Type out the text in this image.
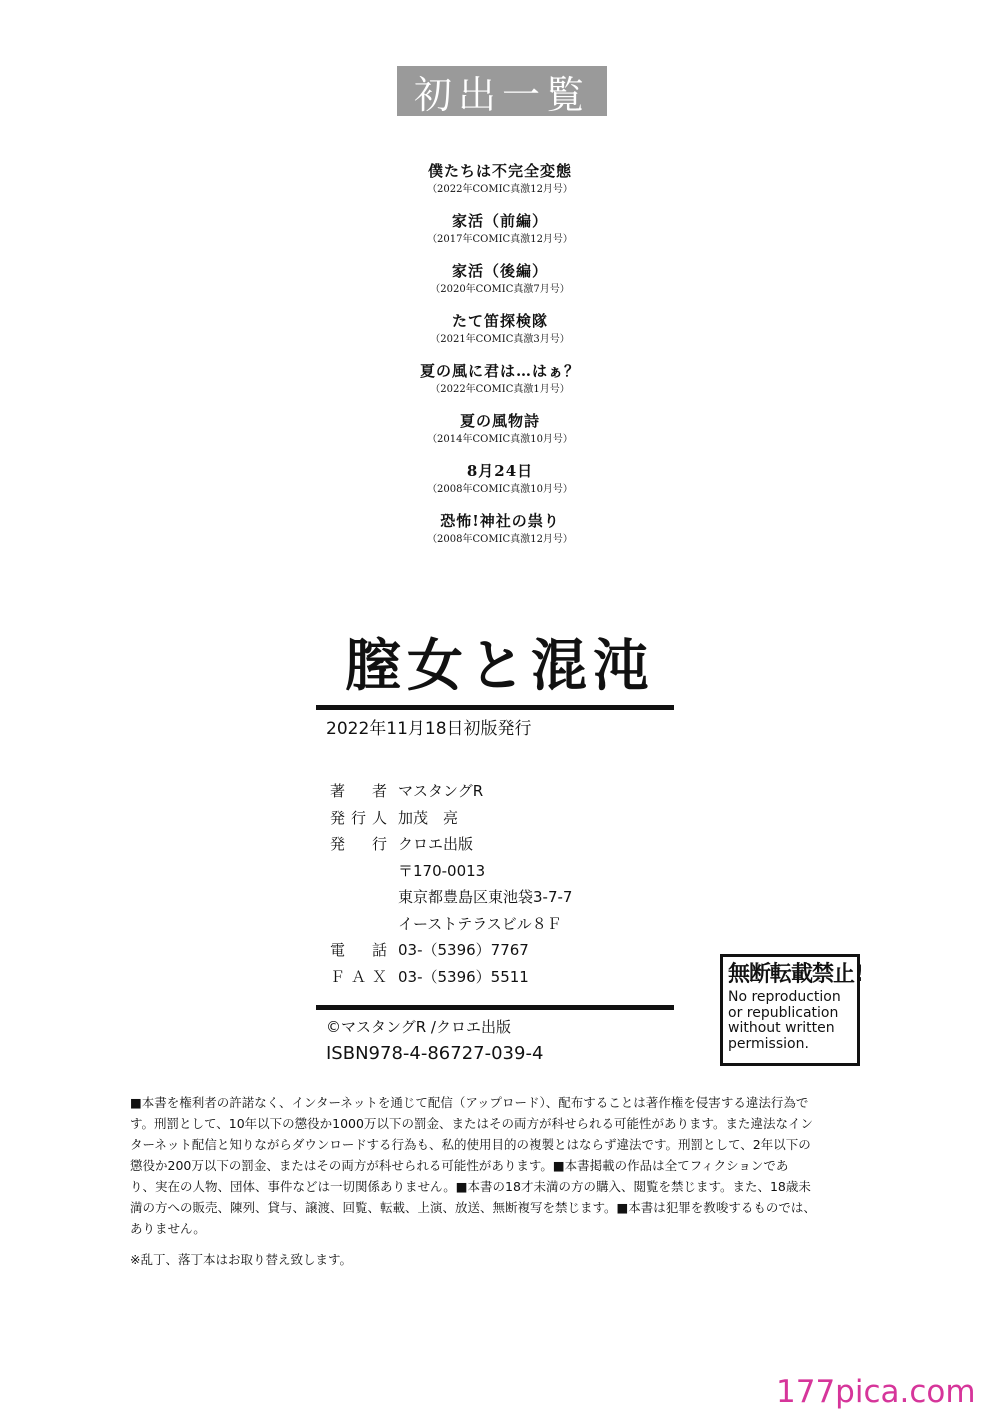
初出一覧
僕たちは不完全変態
（2022年COMIC真激12月号）
家活（前編）
（2017年COMIC真激12月号）
家活（後編）
（2020年COMIC真激7月号）
たて笛探検隊
（2021年COMIC真激3月号）
夏の風に君は…はぁ？
（2022年COMIC真激1月号）
夏の風物詩
（2014年COMIC真激10月号）
8月24日
（2008年COMIC真激10月号）
恐怖!神社の祟り
（2008年COMIC真激12月号）
膣女と混沌
2022年11月18日初版発行
著　者 マスタングR
発行人 加茂　亮
発　行 クロエ出版
〒170-0013
東京都豊島区東池袋3-7-7
イーストテラスビル８Ｆ
電　話 03-（5396）7767
ＦＡＸ 03-（5396）5511
©マスタングR /クロエ出版
ISBN978-4-86727-039-4
無断転載禁止!
No reproduction
or republication
without written
permission.
■本書を権利者の許諾なく、インターネットを通じて配信（アップロード）、配布することは著作権を侵害する違法行為で
す。刑罰として、10年以下の懲役か1000万以下の罰金、またはその両方が科せられる可能性があります。また違法なイン
ターネット配信と知りながらダウンロードする行為も、私的使用目的の複製とはならず違法です。刑罰として、2年以下の
懲役か200万以下の罰金、またはその両方が科せられる可能性があります。■本書掲載の作品は全てフィクションであ
り、実在の人物、団体、事件などは一切関係ありません。■本書の18才未満の方の購入、閲覧を禁じます。また、18歳未
満の方への販売、陳列、貸与、譲渡、回覧、転載、上演、放送、無断複写を禁じます。■本書は犯罪を教唆するものでは、
ありません。
※乱丁、落丁本はお取り替え致します。
177pica.com
